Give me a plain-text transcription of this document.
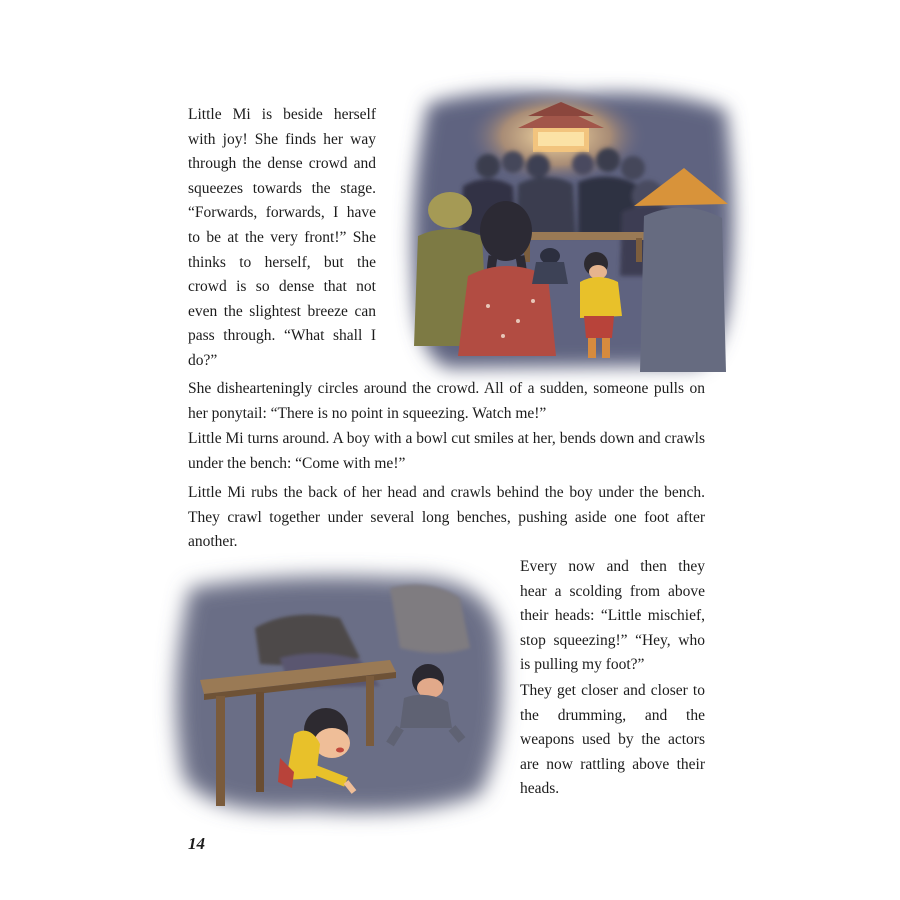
Little Mi is beside herself with joy! She finds her way through the dense crowd and squeezes towards the stage. “Forwards, forwards, I have to be at the very front!” She thinks to herself, but the crowd is so dense that not even the slightest breeze can pass through. “What shall I do?”

She dishearteningly circles around the crowd. All of a sudden, someone pulls on her ponytail: “There is no point in squeezing. Watch me!”

Little Mi turns around. A boy with a bowl cut smiles at her, bends down and crawls under the bench: “Come with me!”

Little Mi rubs the back of her head and crawls behind the boy under the bench. They crawl together under several long benches, pushing aside one foot after another.

Every now and then they hear a scolding from above their heads: “Little mischief, stop squeezing!” “Hey, who is pulling my foot?”

They get closer and closer to the drumming, and the weapons used by the actors are now rattling above their heads.

14
